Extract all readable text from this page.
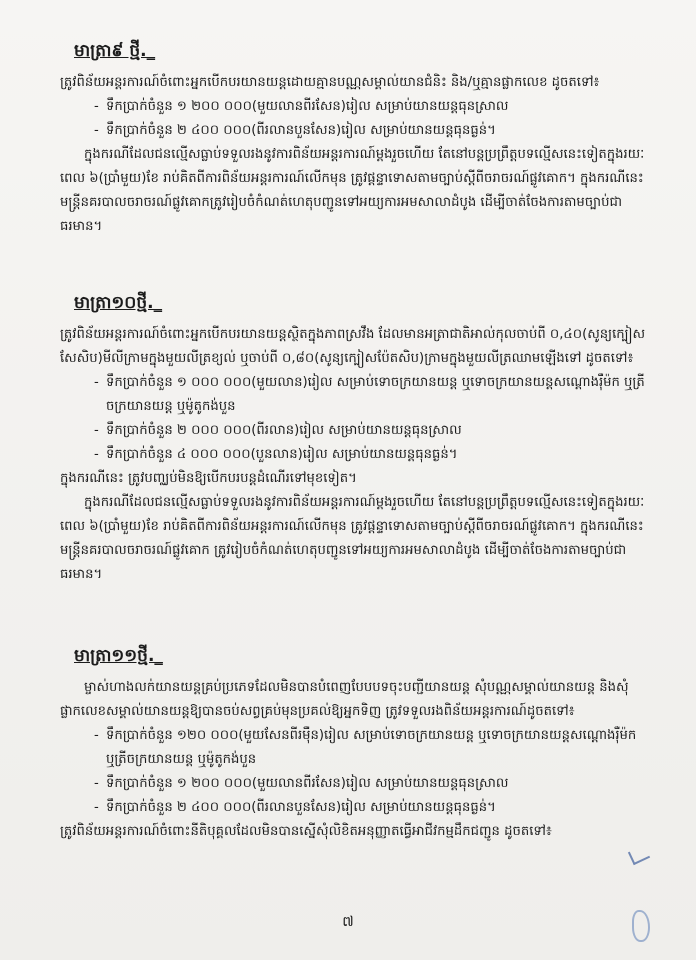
មាត្រា៩ ថ្មី._

ត្រូវពិន័យអន្តរការណ៍ចំពោះអ្នកបើកបរយានយន្តដោយគ្មានបណ្ណសម្គាល់យានជំនិះ និង/ឬគ្មានផ្លាកលេខ ដូចតទៅ៖

- ទឹកប្រាក់ចំនួន ១ ២០០ ០០០(មួយលានពីរសែន)រៀល សម្រាប់យានយន្តធុនស្រាល
- ទឹកប្រាក់ចំនួន ២ ៤០០ ០០០(ពីរលានបួនសែន)រៀល សម្រាប់យានយន្តធុនធ្ងន់។

ក្នុងករណីដែលជនល្មើសធ្លាប់ទទួលរងនូវការពិន័យអន្តរការណ៍ម្តងរួចហើយ តែនៅបន្តប្រព្រឹត្តបទល្មើសនេះទៀតក្នុងរយៈពេល ៦(ប្រាំមួយ)ខែ រាប់គិតពីការពិន័យអន្តរការណ៍លើកមុន ត្រូវផ្តន្ទាទោសតាមច្បាប់ស្តីពីចរាចរណ៍ផ្លូវគោក។ ក្នុងករណីនេះ មន្ត្រីនគរបាលចរាចរណ៍ផ្លូវគោកត្រូវរៀបចំកំណត់ហេតុបញ្ជូនទៅអយ្យការអមសាលាដំបូង ដើម្បីចាត់ចែងការតាមច្បាប់ជាធរមាន។

មាត្រា១០ថ្មី._

ត្រូវពិន័យអន្តរការណ៍ចំពោះអ្នកបើកបរយានយន្តស្ថិតក្នុងភាពស្រវឹង ដែលមានអត្រាជាតិអាល់កុលចាប់ពី ០,៤០(សូន្យក្បៀសសែសិប)មីលីក្រាមក្នុងមួយលីត្រខ្យល់ ឬចាប់ពី ០,៨០(សូន្យក្បៀសប៉ែតសិប)ក្រាមក្នុងមួយលីត្រឈាមឡើងទៅ ដូចតទៅ៖

- ទឹកប្រាក់ចំនួន ១ ០០០ ០០០(មួយលាន)រៀល សម្រាប់ទោចក្រយានយន្ត ឬទោចក្រយានយន្តសណ្តោងរ៉ឺម៉ក ឬត្រីចក្រយានយន្ត ឬម៉ូតូកង់បួន
- ទឹកប្រាក់ចំនួន ២ ០០០ ០០០(ពីរលាន)រៀល សម្រាប់យានយន្តធុនស្រាល
- ទឹកប្រាក់ចំនួន ៤ ០០០ ០០០(បួនលាន)រៀល សម្រាប់យានយន្តធុនធ្ងន់។

ក្នុងករណីនេះ ត្រូវបញ្ឈប់មិនឱ្យបើកបរបន្តដំណើរទៅមុខទៀត។

ក្នុងករណីដែលជនល្មើសធ្លាប់ទទួលរងនូវការពិន័យអន្តរការណ៍ម្តងរួចហើយ តែនៅបន្តប្រព្រឹត្តបទល្មើសនេះទៀតក្នុងរយៈពេល ៦(ប្រាំមួយ)ខែ រាប់គិតពីការពិន័យអន្តរការណ៍លើកមុន ត្រូវផ្តន្ទាទោសតាមច្បាប់ស្តីពីចរាចរណ៍ផ្លូវគោក។ ក្នុងករណីនេះមន្ត្រីនគរបាលចរាចរណ៍ផ្លូវគោក ត្រូវរៀបចំកំណត់ហេតុបញ្ជូនទៅអយ្យការអមសាលាដំបូង ដើម្បីចាត់ចែងការតាមច្បាប់ជាធរមាន។

មាត្រា១១ថ្មី._

ម្ចាស់ហាងលក់យានយន្តគ្រប់ប្រភេទដែលមិនបានបំពេញបែបបទចុះបញ្ជីយានយន្ត សុំបណ្ណសម្គាល់យានយន្ត និងសុំផ្លាកលេខសម្គាល់យានយន្តឱ្យបានចប់សព្វគ្រប់មុនប្រគល់ឱ្យអ្នកទិញ ត្រូវទទួលរងពិន័យអន្តរការណ៍ដូចតទៅ៖

- ទឹកប្រាក់ចំនួន ១២០ ០០០(មួយសែនពីរម៉ឺន)រៀល សម្រាប់ទោចក្រយានយន្ត ឬទោចក្រយានយន្តសណ្តោងរ៉ឺម៉ក ឬត្រីចក្រយានយន្ត ឬម៉ូតូកង់បួន
- ទឹកប្រាក់ចំនួន ១ ២០០ ០០០(មួយលានពីរសែន)រៀល សម្រាប់យានយន្តធុនស្រាល
- ទឹកប្រាក់ចំនួន ២ ៤០០ ០០០(ពីរលានបួនសែន)រៀល សម្រាប់យានយន្តធុនធ្ងន់។

ត្រូវពិន័យអន្តរការណ៍ចំពោះនីតិបុគ្គលដែលមិនបានស្នើសុំលិខិតអនុញ្ញាតធ្វើអាជីវកម្មដឹកជញ្ជូន ដូចតទៅ៖

៧
